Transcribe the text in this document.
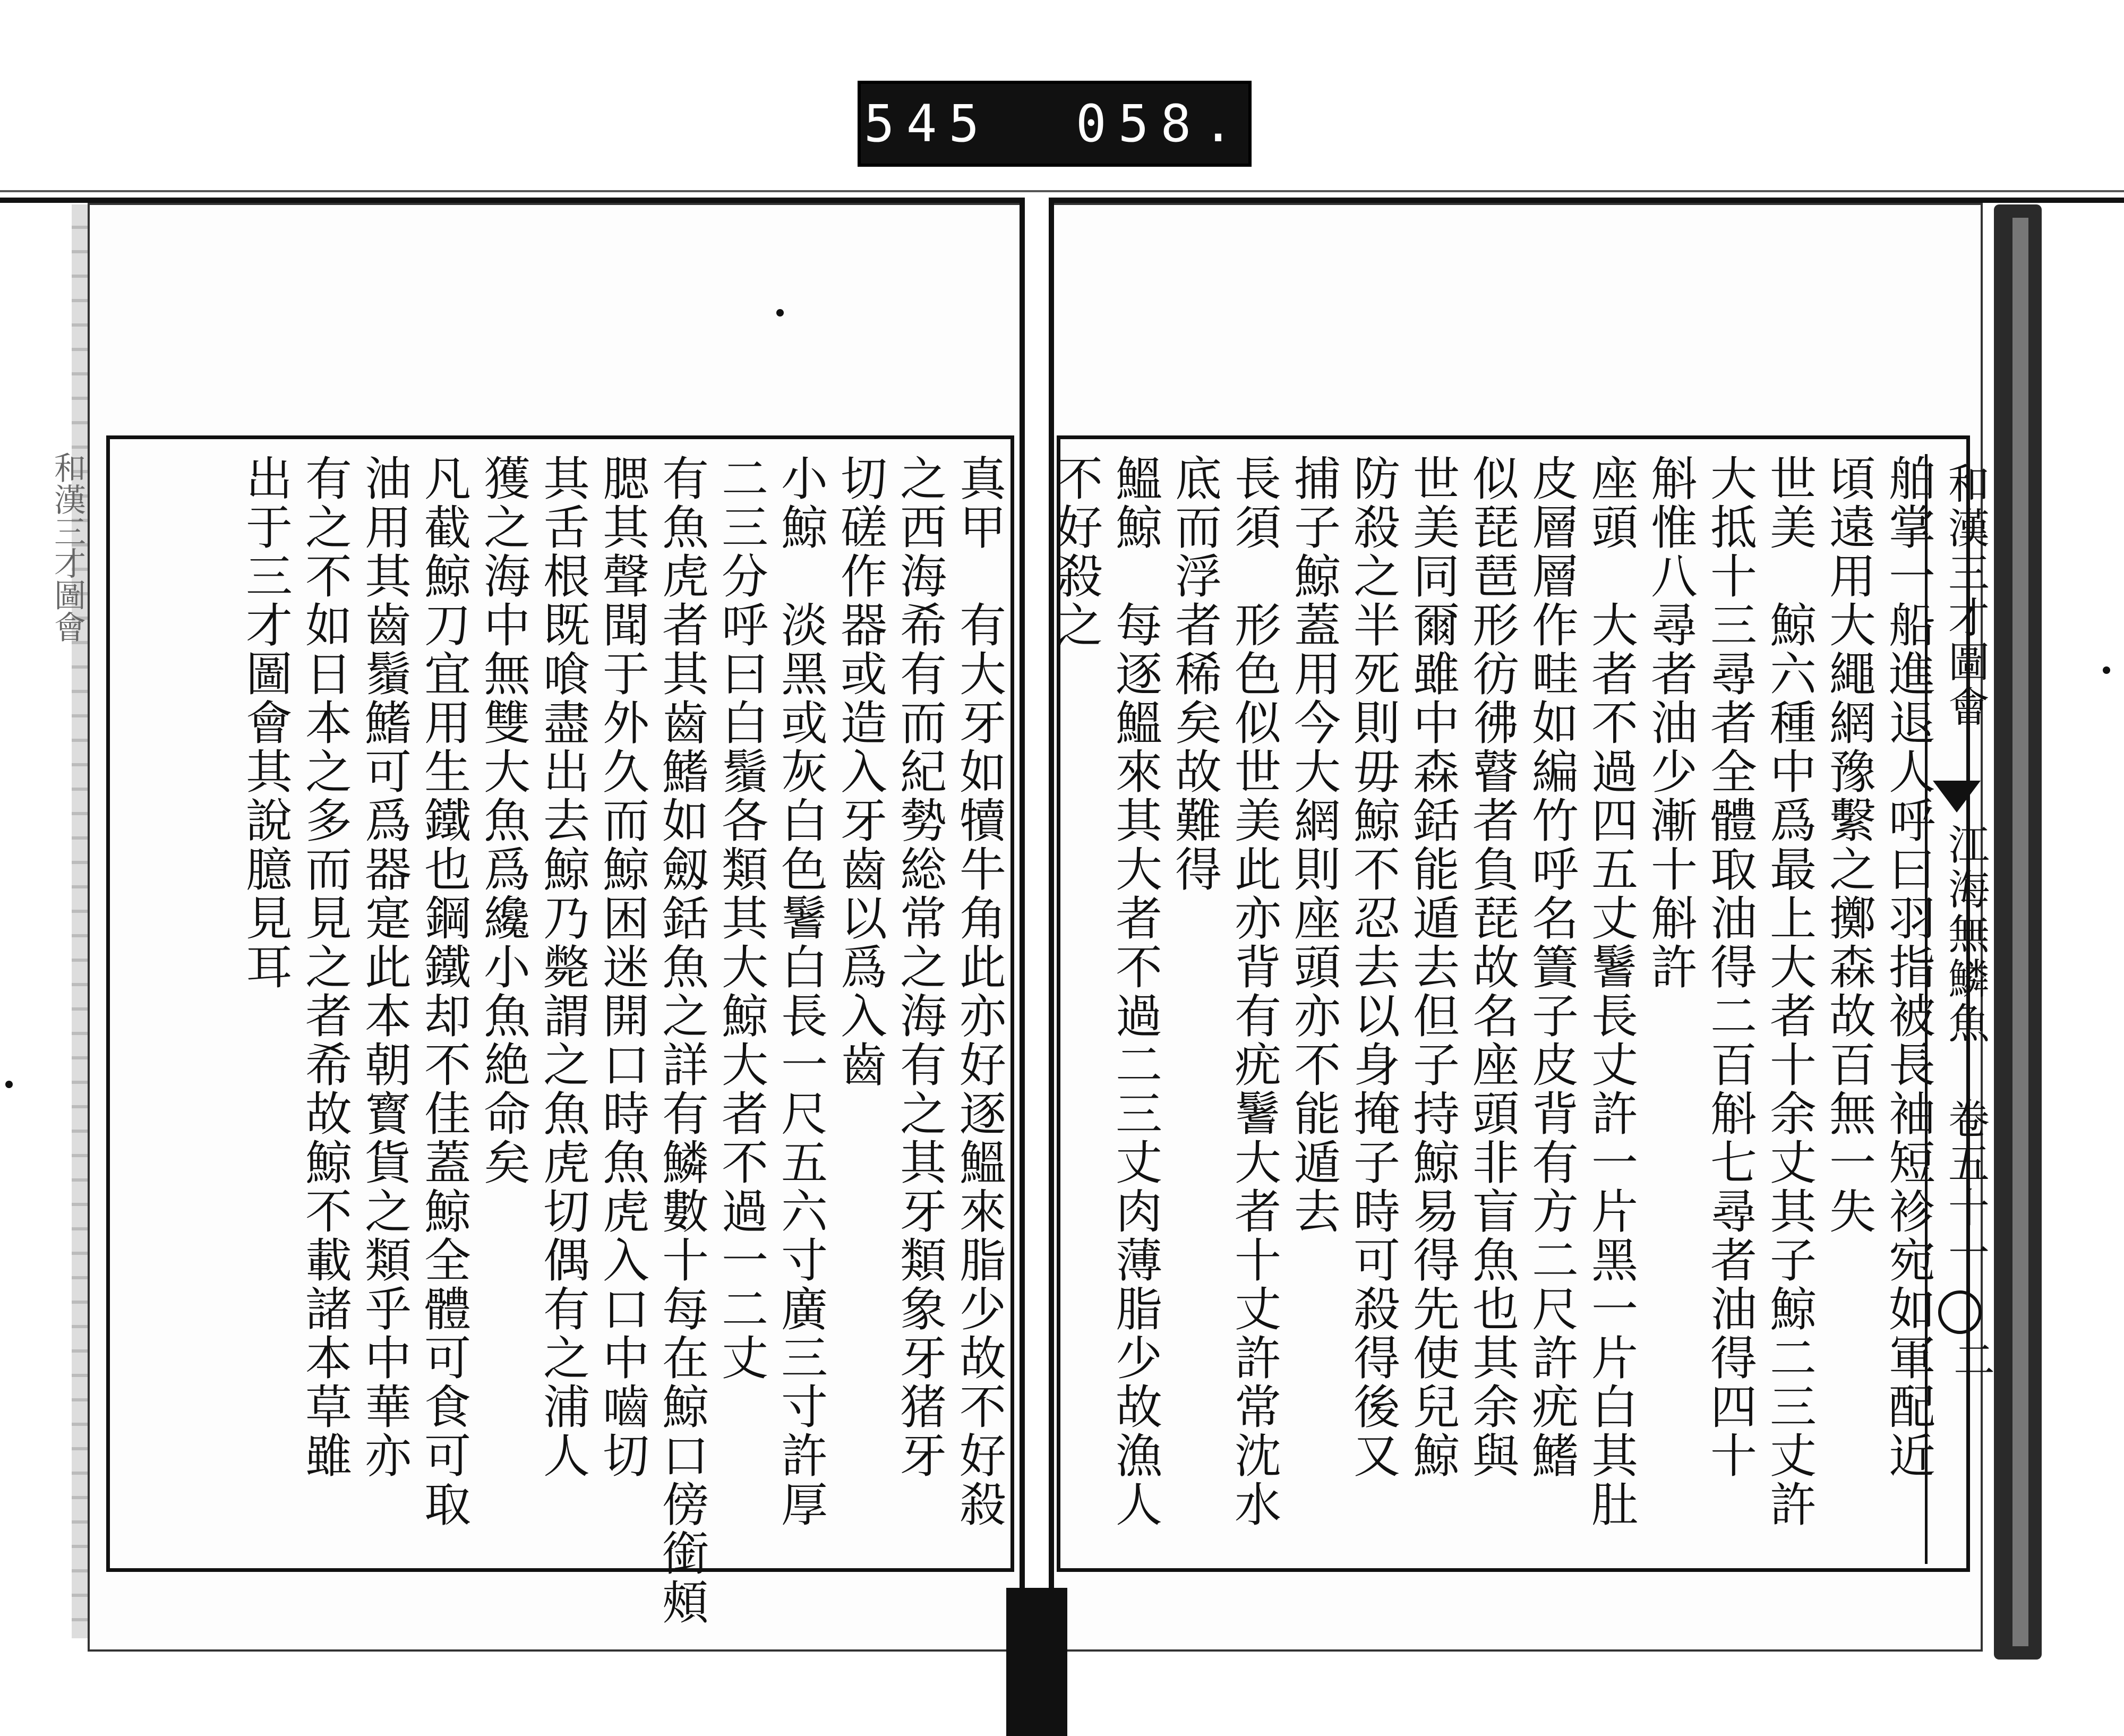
545  058.
和漢三才圖會	和漢三才圖會
江海無鱗魚 卷五十一
二
舶掌一船進退人呼曰羽指被長袖短袗宛如軍配近
頃遠用大繩網豫繫之擲森故百無一失
世美　鯨六種中爲最上大者十余丈其子鯨二三丈許
大抵十三尋者全體取油得二百斛七尋者油得四十
斛惟八尋者油少漸十斛許
座頭　大者不過四五丈鬐長丈許一片黑一片白其肚
皮層層作畦如編竹呼名簀子皮背有方二尺許疣鰭
似琵琶形彷彿瞽者負琵故名座頭非盲魚也其余與
世美同爾雖中森銛能遁去但子持鯨易得先使兒鯨
防殺之半死則毋鯨不忍去以身掩子時可殺得後又
捕子鯨蓋用今大網則座頭亦不能遁去
長須　形色似世美此亦背有疣鬐大者十丈許常沈水
底而浮者稀矣故難得
鰮鯨　每逐鰮來其大者不過二三丈肉薄脂少故漁人
不好殺之
真甲　有大牙如犢牛角此亦好逐鰮來脂少故不好殺
之西海希有而紀勢総常之海有之其牙類象牙猪牙
切磋作器或造入牙齒以爲入齒
小鯨　淡黑或灰白色鬐白長一尺五六寸廣三寸許厚
二三分呼曰白鬚各類其大鯨大者不過一二丈
有魚虎者其齒鰭如劔銛魚之詳有鱗數十每在鯨口傍銜頰
腮其聲聞于外久而鯨困迷開口時魚虎入口中嚙切
其舌根既喰盡出去鯨乃斃謂之魚虎切偶有之浦人
獲之海中無雙大魚爲纔小魚絶命矣
凡截鯨刀宜用生鐵也鋼鐵却不佳蓋鯨全體可食可取
油用其齒鬚鰭可爲器寔此本朝寳貨之類乎中華亦
有之不如日本之多而見之者希故鯨不載諸本草雖
出于三才圖會其說臆見耳
